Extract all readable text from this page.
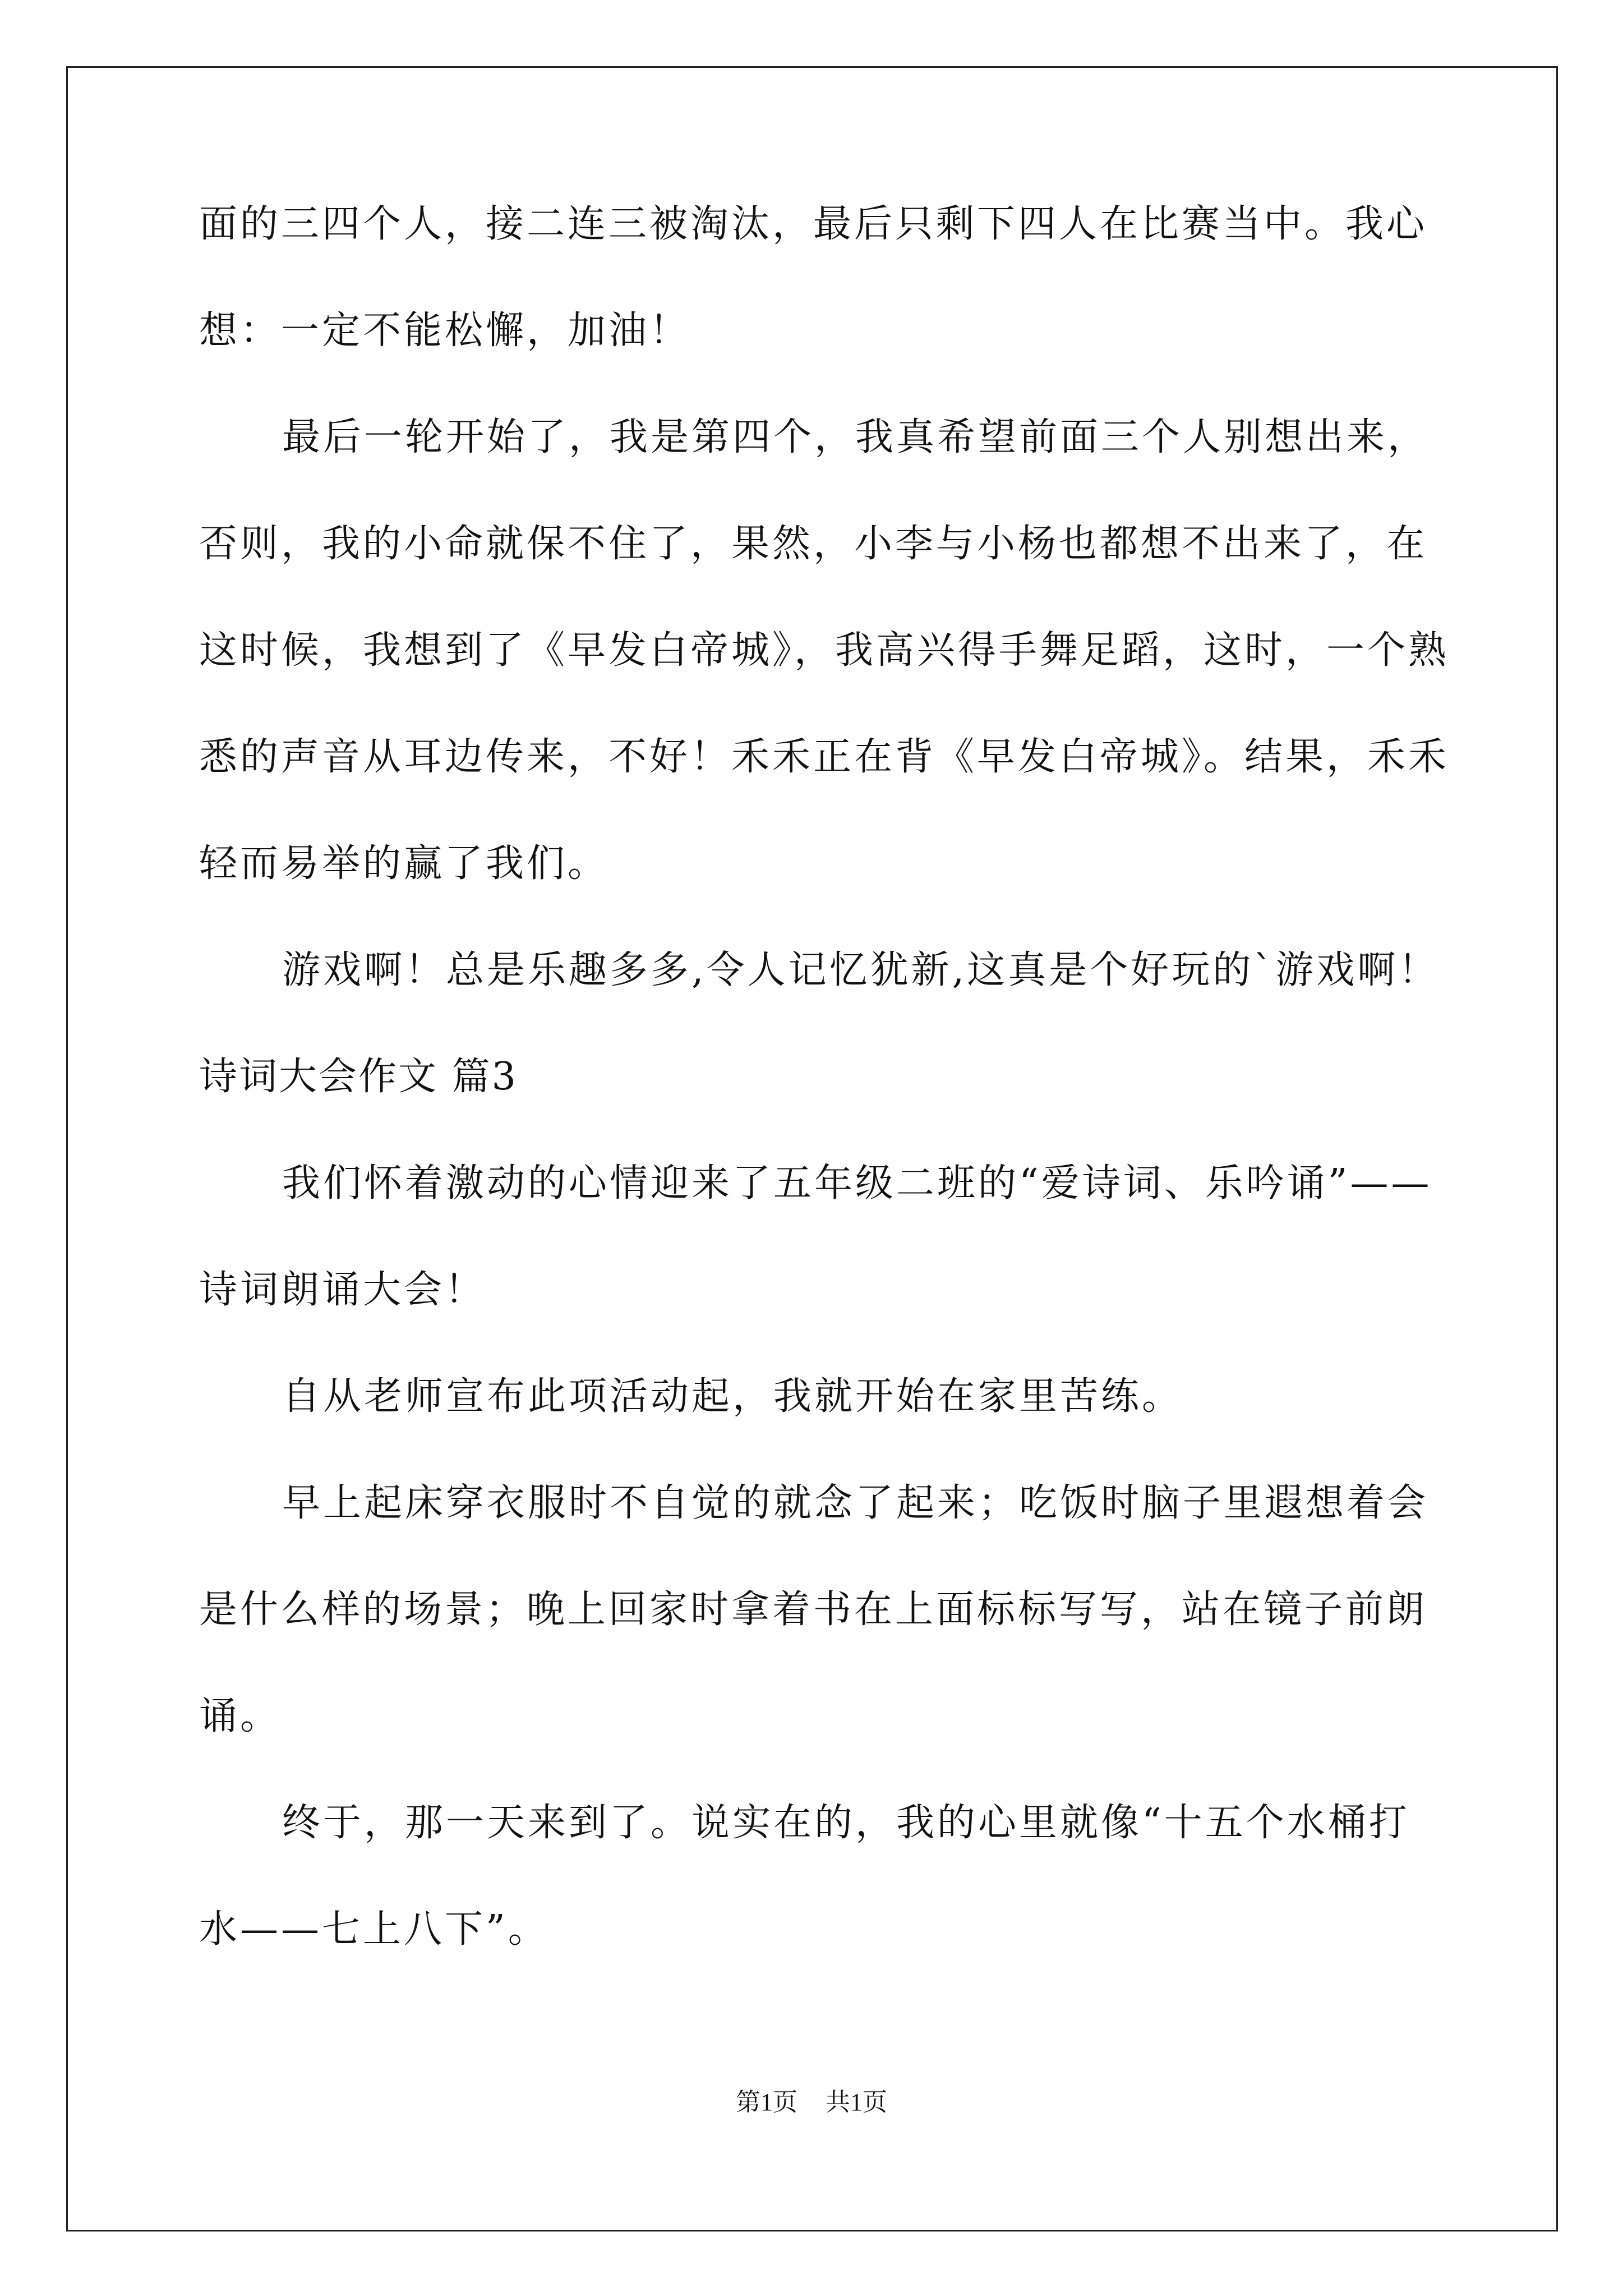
面的三四个人，接二连三被淘汰，最后只剩下四人在比赛当中。我心
想：一定不能松懈，加油！
最后一轮开始了，我是第四个，我真希望前面三个人别想出来，
否则，我的小命就保不住了，果然，小李与小杨也都想不出来了，在
这时候，我想到了《早发白帝城》，我高兴得手舞足蹈，这时，一个熟
悉的声音从耳边传来，不好！禾禾正在背《早发白帝城》。结果，禾禾
轻而易举的赢了我们。
游戏啊！总是乐趣多多,令人记忆犹新,这真是个好玩的`游戏啊！
诗词大会作文 篇3
我们怀着激动的心情迎来了五年级二班的“爱诗词、乐吟诵”——
诗词朗诵大会！
自从老师宣布此项活动起，我就开始在家里苦练。
早上起床穿衣服时不自觉的就念了起来；吃饭时脑子里遐想着会
是什么样的场景；晚上回家时拿着书在上面标标写写，站在镜子前朗
诵。
终于，那一天来到了。说实在的，我的心里就像“十五个水桶打
水——七上八下”。
第1页 共1页
